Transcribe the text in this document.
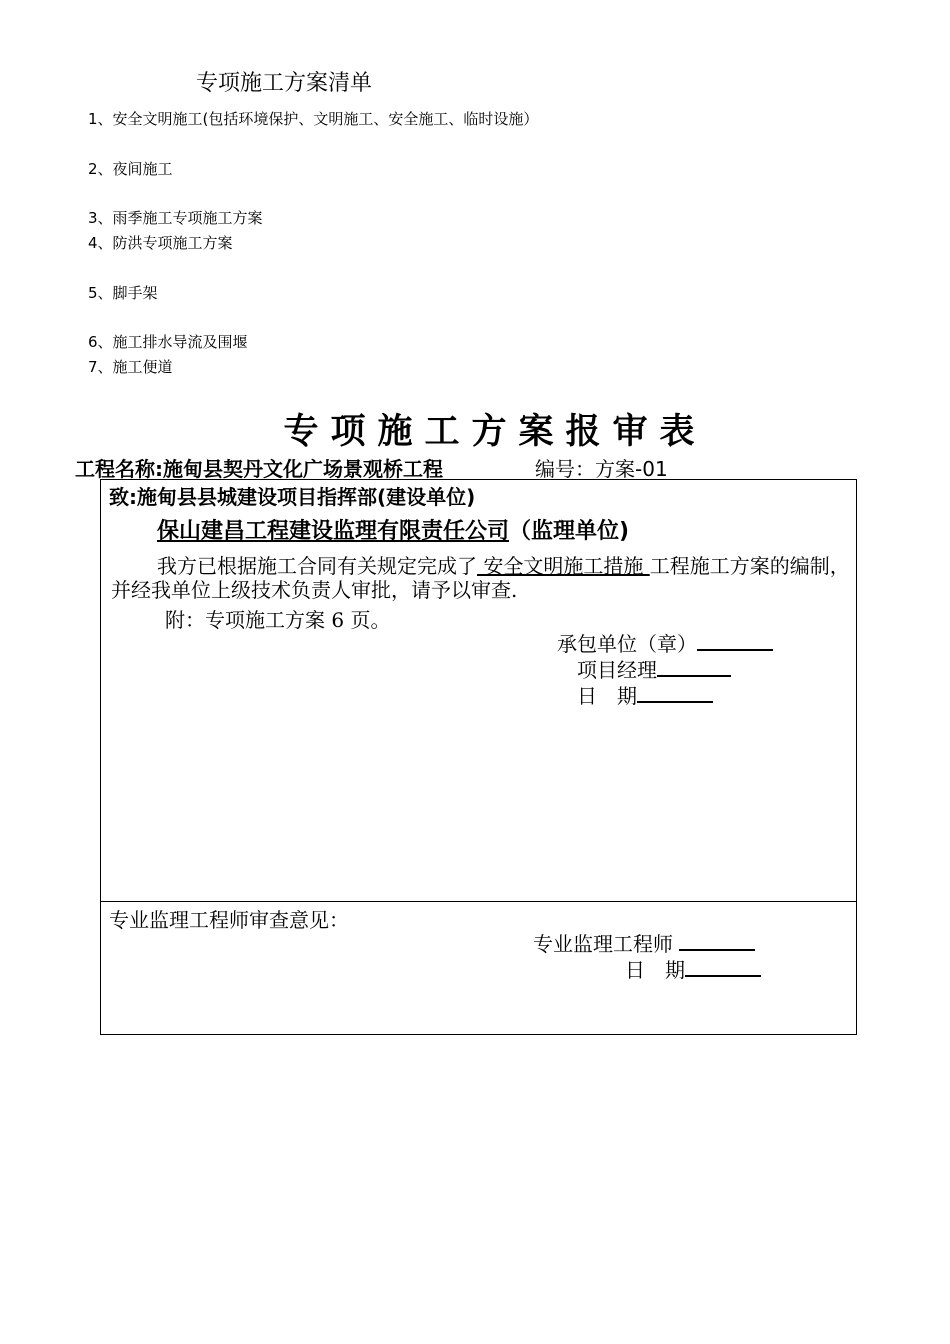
专项施工方案清单
1、安全文明施工(包括环境保护、文明施工、安全施工、临时设施）
2、夜间施工
3、雨季施工专项施工方案
4、防洪专项施工方案
5、脚手架
6、施工排水导流及围堰
7、施工便道
专项施工方案报审表
工程名称:施甸县契丹文化广场景观桥工程	编号：方案-01
致:施甸县县城建设项目指挥部(建设单位)
保山建昌工程建设监理有限责任公司（监理单位)
我方已根据施工合同有关规定完成了 安全文明施工措施 工程施工方案的编制，并经我单位上级技术负责人审批，请予以审查.
附：专项施工方案 6 页。
承包单位（章）
项目经理
日　期
专业监理工程师审查意见：
专业监理工程师
日　期
